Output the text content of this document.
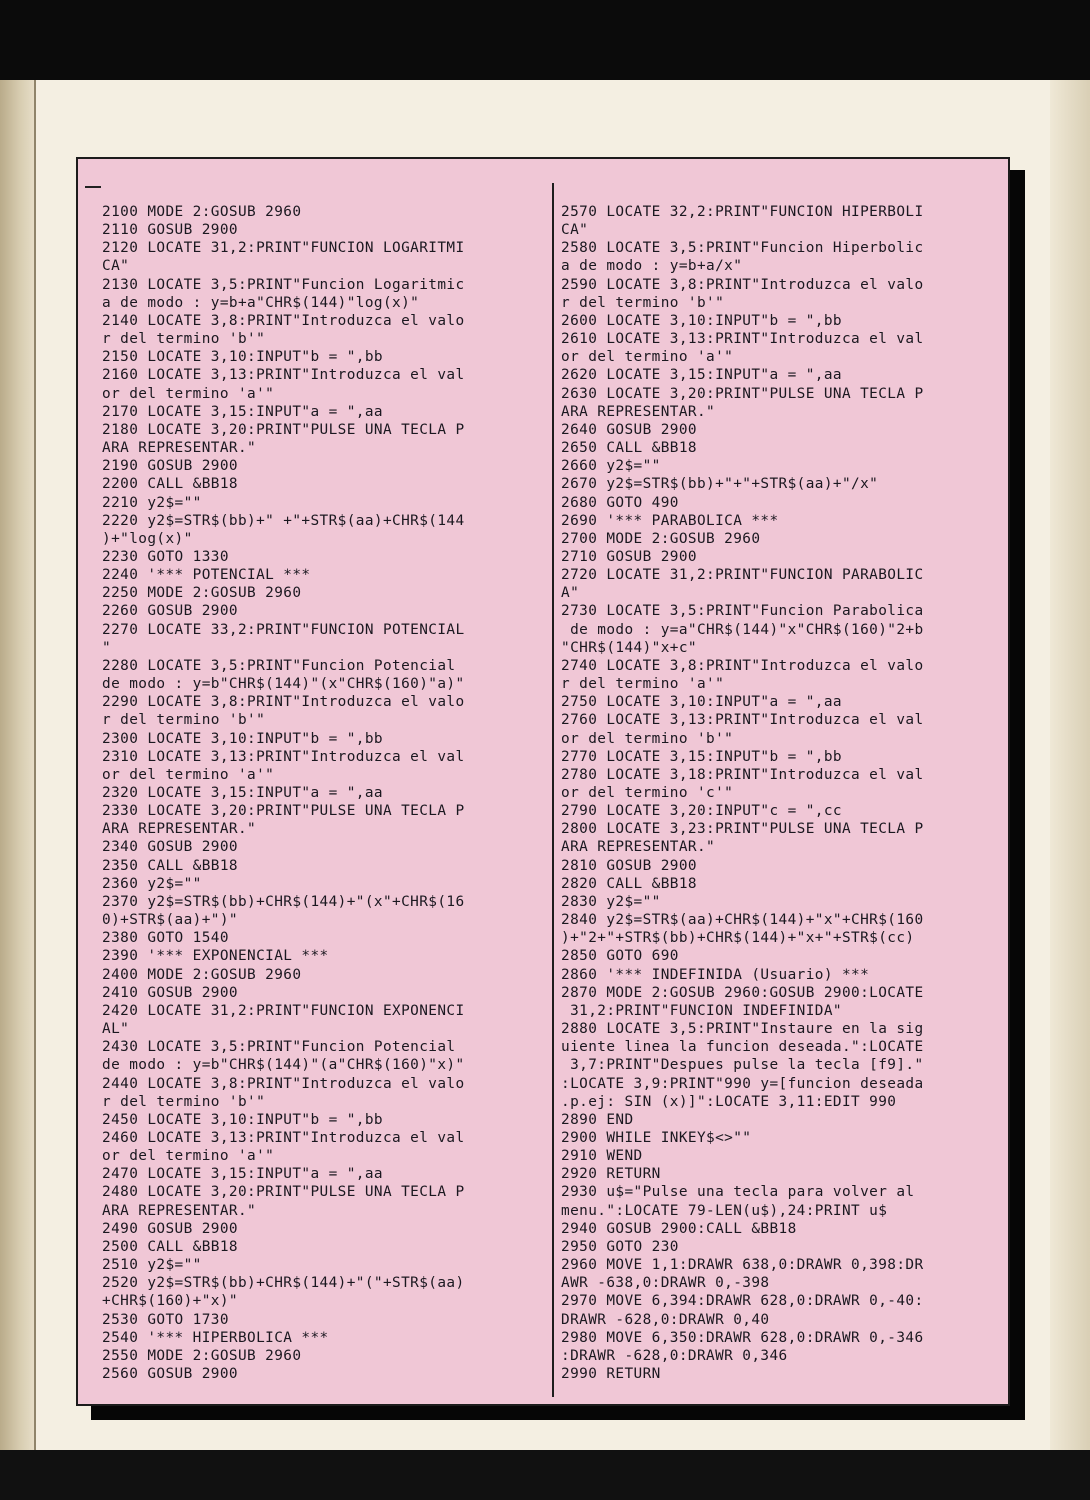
2100 MODE 2:GOSUB 2960
2110 GOSUB 2900
2120 LOCATE 31,2:PRINT"FUNCION LOGARITMI
CA"
2130 LOCATE 3,5:PRINT"Funcion Logaritmic
a de modo : y=b+a"CHR$(144)"log(x)"
2140 LOCATE 3,8:PRINT"Introduzca el valo
r del termino 'b'"
2150 LOCATE 3,10:INPUT"b = ",bb
2160 LOCATE 3,13:PRINT"Introduzca el val
or del termino 'a'"
2170 LOCATE 3,15:INPUT"a = ",aa
2180 LOCATE 3,20:PRINT"PULSE UNA TECLA P
ARA REPRESENTAR."
2190 GOSUB 2900
2200 CALL &BB18
2210 y2$=""
2220 y2$=STR$(bb)+" +"+STR$(aa)+CHR$(144
)+"log(x)"
2230 GOTO 1330
2240 '*** POTENCIAL ***
2250 MODE 2:GOSUB 2960
2260 GOSUB 2900
2270 LOCATE 33,2:PRINT"FUNCION POTENCIAL
"
2280 LOCATE 3,5:PRINT"Funcion Potencial
de modo : y=b"CHR$(144)"(x"CHR$(160)"a)"
2290 LOCATE 3,8:PRINT"Introduzca el valo
r del termino 'b'"
2300 LOCATE 3,10:INPUT"b = ",bb
2310 LOCATE 3,13:PRINT"Introduzca el val
or del termino 'a'"
2320 LOCATE 3,15:INPUT"a = ",aa
2330 LOCATE 3,20:PRINT"PULSE UNA TECLA P
ARA REPRESENTAR."
2340 GOSUB 2900
2350 CALL &BB18
2360 y2$=""
2370 y2$=STR$(bb)+CHR$(144)+"(x"+CHR$(16
0)+STR$(aa)+")"
2380 GOTO 1540
2390 '*** EXPONENCIAL ***
2400 MODE 2:GOSUB 2960
2410 GOSUB 2900
2420 LOCATE 31,2:PRINT"FUNCION EXPONENCI
AL"
2430 LOCATE 3,5:PRINT"Funcion Potencial
de modo : y=b"CHR$(144)"(a"CHR$(160)"x)"
2440 LOCATE 3,8:PRINT"Introduzca el valo
r del termino 'b'"
2450 LOCATE 3,10:INPUT"b = ",bb
2460 LOCATE 3,13:PRINT"Introduzca el val
or del termino 'a'"
2470 LOCATE 3,15:INPUT"a = ",aa
2480 LOCATE 3,20:PRINT"PULSE UNA TECLA P
ARA REPRESENTAR."
2490 GOSUB 2900
2500 CALL &BB18
2510 y2$=""
2520 y2$=STR$(bb)+CHR$(144)+"("+STR$(aa)
+CHR$(160)+"x)"
2530 GOTO 1730
2540 '*** HIPERBOLICA ***
2550 MODE 2:GOSUB 2960
2560 GOSUB 2900
2570 LOCATE 32,2:PRINT"FUNCION HIPERBOLI
CA"
2580 LOCATE 3,5:PRINT"Funcion Hiperbolic
a de modo : y=b+a/x"
2590 LOCATE 3,8:PRINT"Introduzca el valo
r del termino 'b'"
2600 LOCATE 3,10:INPUT"b = ",bb
2610 LOCATE 3,13:PRINT"Introduzca el val
or del termino 'a'"
2620 LOCATE 3,15:INPUT"a = ",aa
2630 LOCATE 3,20:PRINT"PULSE UNA TECLA P
ARA REPRESENTAR."
2640 GOSUB 2900
2650 CALL &BB18
2660 y2$=""
2670 y2$=STR$(bb)+"+"+STR$(aa)+"/x"
2680 GOTO 490
2690 '*** PARABOLICA ***
2700 MODE 2:GOSUB 2960
2710 GOSUB 2900
2720 LOCATE 31,2:PRINT"FUNCION PARABOLIC
A"
2730 LOCATE 3,5:PRINT"Funcion Parabolica
de modo : y=a"CHR$(144)"x"CHR$(160)"2+b
"CHR$(144)"x+c"
2740 LOCATE 3,8:PRINT"Introduzca el valo
r del termino 'a'"
2750 LOCATE 3,10:INPUT"a = ",aa
2760 LOCATE 3,13:PRINT"Introduzca el val
or del termino 'b'"
2770 LOCATE 3,15:INPUT"b = ",bb
2780 LOCATE 3,18:PRINT"Introduzca el val
or del termino 'c'"
2790 LOCATE 3,20:INPUT"c = ",cc
2800 LOCATE 3,23:PRINT"PULSE UNA TECLA P
ARA REPRESENTAR."
2810 GOSUB 2900
2820 CALL &BB18
2830 y2$=""
2840 y2$=STR$(aa)+CHR$(144)+"x"+CHR$(160
)+"2+"+STR$(bb)+CHR$(144)+"x+"+STR$(cc)
2850 GOTO 690
2860 '*** INDEFINIDA (Usuario) ***
2870 MODE 2:GOSUB 2960:GOSUB 2900:LOCATE
31,2:PRINT"FUNCION INDEFINIDA"
2880 LOCATE 3,5:PRINT"Instaure en la sig
uiente linea la funcion deseada.":LOCATE
3,7:PRINT"Despues pulse la tecla [f9]."
:LOCATE 3,9:PRINT"990 y=[funcion deseada
.p.ej: SIN (x)]":LOCATE 3,11:EDIT 990
2890 END
2900 WHILE INKEY$<>""
2910 WEND
2920 RETURN
2930 u$="Pulse una tecla para volver al
menu.":LOCATE 79-LEN(u$),24:PRINT u$
2940 GOSUB 2900:CALL &BB18
2950 GOTO 230
2960 MOVE 1,1:DRAWR 638,0:DRAWR 0,398:DR
AWR -638,0:DRAWR 0,-398
2970 MOVE 6,394:DRAWR 628,0:DRAWR 0,-40:
DRAWR -628,0:DRAWR 0,40
2980 MOVE 6,350:DRAWR 628,0:DRAWR 0,-346
:DRAWR -628,0:DRAWR 0,346
2990 RETURN
